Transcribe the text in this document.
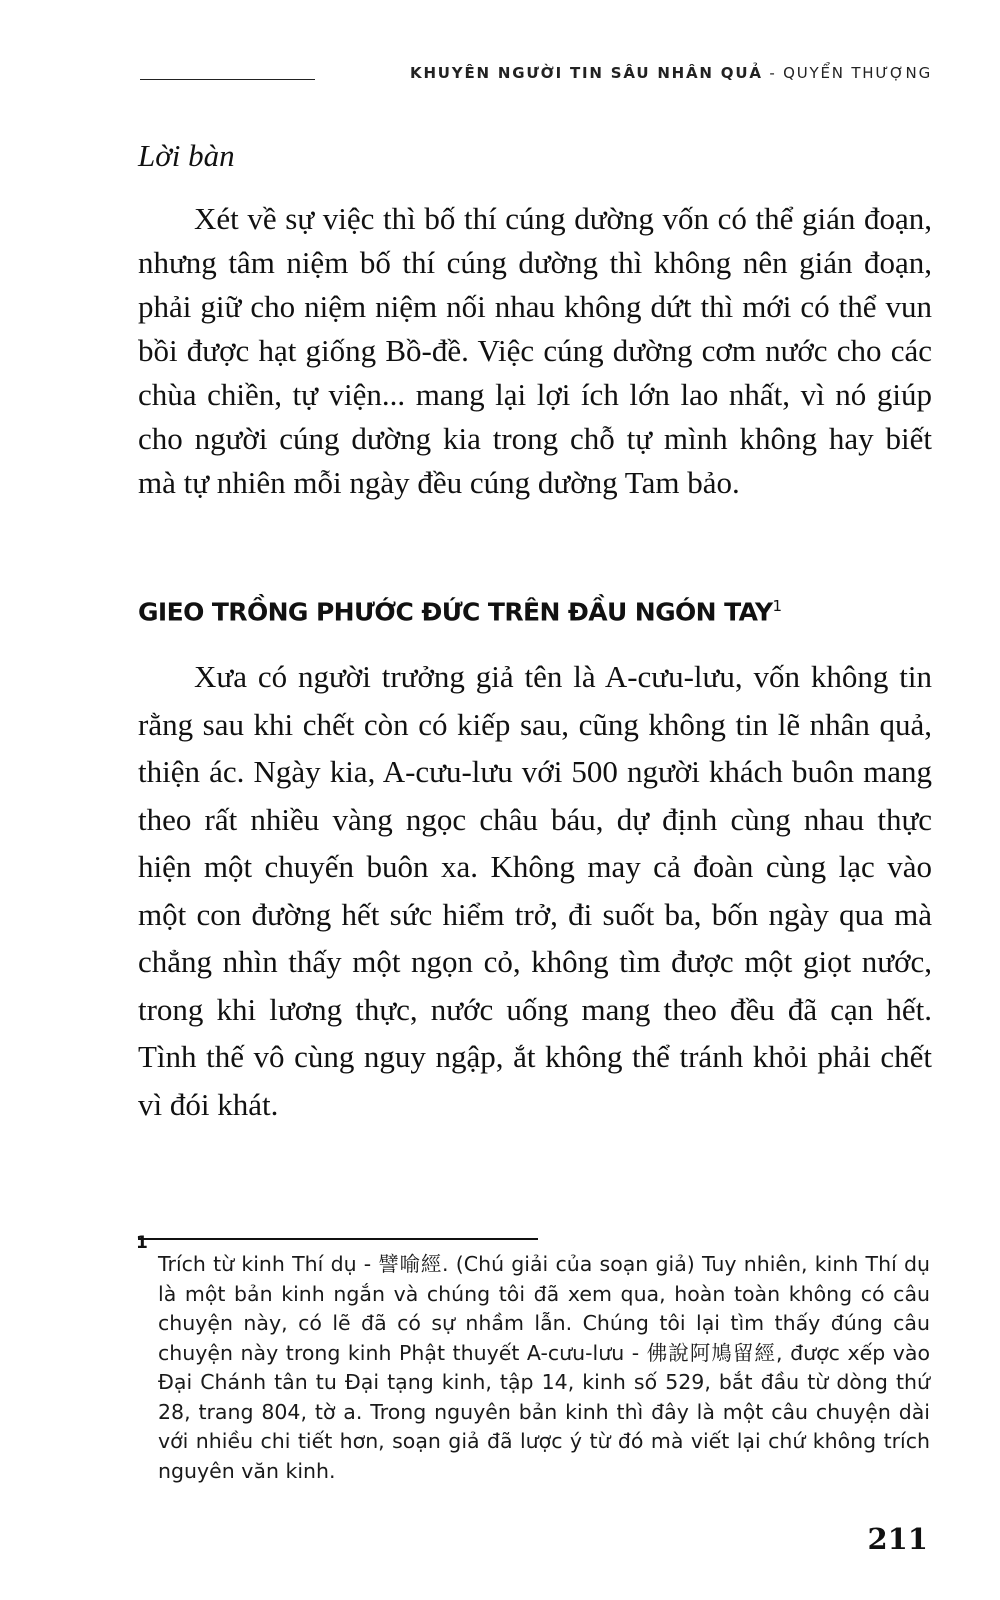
KHUYÊN NGƯỜI TIN SÂU NHÂN QUẢ - QUYỂN THƯỢNG
Lời bàn

Xét về sự việc thì bố thí cúng dường vốn có thể gián đoạn, nhưng tâm niệm bố thí cúng dường thì không nên gián đoạn, phải giữ cho niệm niệm nối nhau không dứt thì mới có thể vun bồi được hạt giống Bồ-đề. Việc cúng dường cơm nước cho các chùa chiền, tự viện... mang lại lợi ích lớn lao nhất, vì nó giúp cho người cúng dường kia trong chỗ tự mình không hay biết mà tự nhiên mỗi ngày đều cúng dường Tam bảo.

GIEO TRỒNG PHƯỚC ĐỨC TRÊN ĐẦU NGÓN TAY$^1$

Xưa có người trưởng giả tên là A-cưu-lưu, vốn không tin rằng sau khi chết còn có kiếp sau, cũng không tin lẽ nhân quả, thiện ác. Ngày kia, A-cưu-lưu với 500 người khách buôn mang theo rất nhiều vàng ngọc châu báu, dự định cùng nhau thực hiện một chuyến buôn xa. Không may cả đoàn cùng lạc vào một con đường hết sức hiểm trở, đi suốt ba, bốn ngày qua mà chẳng nhìn thấy một ngọn cỏ, không tìm được một giọt nước, trong khi lương thực, nước uống mang theo đều đã cạn hết. Tình thế vô cùng nguy ngập, ắt không thể tránh khỏi phải chết vì đói khát.

1

Trích từ kinh Thí dụ - 譬喻經. (Chú giải của soạn giả) Tuy nhiên, kinh Thí dụ là một bản kinh ngắn và chúng tôi đã xem qua, hoàn toàn không có câu chuyện này, có lẽ đã có sự nhầm lẫn. Chúng tôi lại tìm thấy đúng câu chuyện này trong kinh Phật thuyết A-cưu-lưu - 佛說阿鳩留經, được xếp vào Đại Chánh tân tu Đại tạng kinh, tập 14, kinh số 529, bắt đầu từ dòng thứ 28, trang 804, tờ a. Trong nguyên bản kinh thì đây là một câu chuyện dài với nhiều chi tiết hơn, soạn giả đã lược ý từ đó mà viết lại chứ không trích nguyên văn kinh.

211
